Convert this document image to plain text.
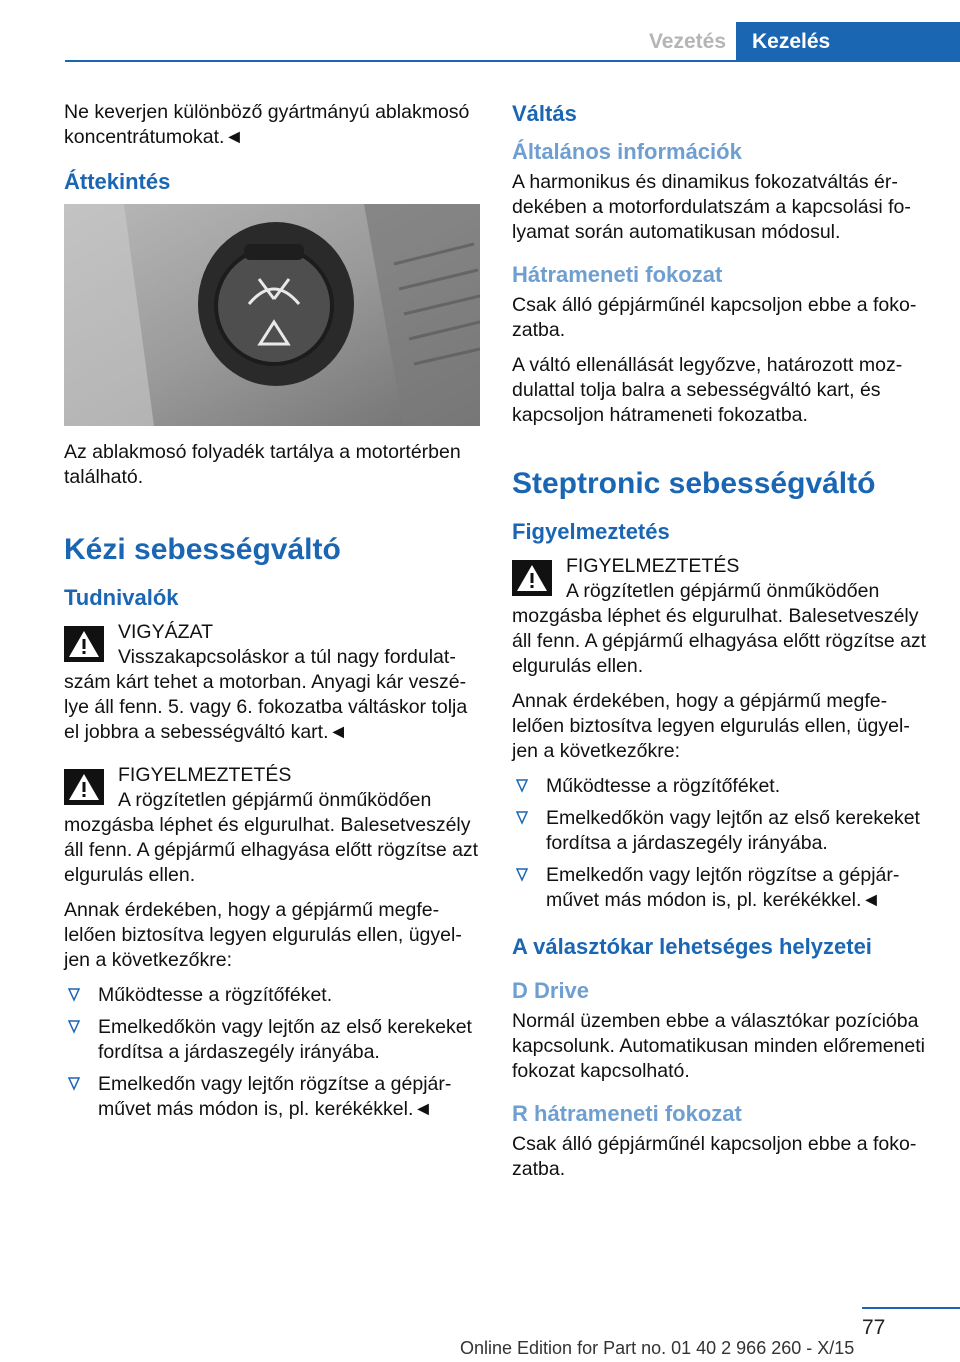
Vezetés	Kezelés

Ne keverjen különböző gyártmányú ablakmosó koncentrátumokat.◄

Áttekintés

Az ablakmosó folyadék tartálya a motortérben található.

Kézi sebességváltó
Tudnivalók

VIGYÁZAT

Visszakapcsoláskor a túl nagy fordulatszám kárt tehet a motorban. Anyagi kár veszélye áll fenn. 5. vagy 6. fokozatba váltáskor tolja el jobbra a sebességváltó kart.◄

FIGYELMEZTETÉS

A rögzítetlen gépjármű önműködően mozgásba léphet és elgurulhat. Balesetveszély áll fenn. A gépjármű elhagyása előtt rögzítse azt elgurulás ellen.

Annak érdekében, hogy a gépjármű megfelelően biztosítva legyen elgurulás ellen, ügyeljen a következőkre:

Működtesse a rögzítőféket.
Emelkedőkön vagy lejtőn az első kerekeket fordítsa a járdaszegély irányába.
Emelkedőn vagy lejtőn rögzítse a gépjárművet más módon is, pl. kerékékkel.◄
Váltás
Általános információk

A harmonikus és dinamikus fokozatváltás érdekében a motorfordulatszám a kapcsolási folyamat során automatikusan módosul.

Hátrameneti fokozat

Csak álló gépjárműnél kapcsoljon ebbe a fokozatba.

A váltó ellenállását legyőzve, határozott mozdulattal tolja balra a sebességváltó kart, és kapcsoljon hátrameneti fokozatba.

Steptronic sebességváltó
Figyelmeztetés

FIGYELMEZTETÉS

A rögzítetlen gépjármű önműködően mozgásba léphet és elgurulhat. Balesetveszély áll fenn. A gépjármű elhagyása előtt rögzítse azt elgurulás ellen.

Annak érdekében, hogy a gépjármű megfelelően biztosítva legyen elgurulás ellen, ügyeljen a következőkre:

Működtesse a rögzítőféket.
Emelkedőkön vagy lejtőn az első kerekeket fordítsa a járdaszegély irányába.
Emelkedőn vagy lejtőn rögzítse a gépjárművet más módon is, pl. kerékékkel.◄
A választókar lehetséges helyzetei
D Drive

Normál üzemben ebbe a választókar pozícióba kapcsolunk. Automatikusan minden előremeneti fokozat kapcsolható.

R hátrameneti fokozat

Csak álló gépjárműnél kapcsoljon ebbe a fokozatba.

77
Online Edition for Part no. 01 40 2 966 260 - X/15
